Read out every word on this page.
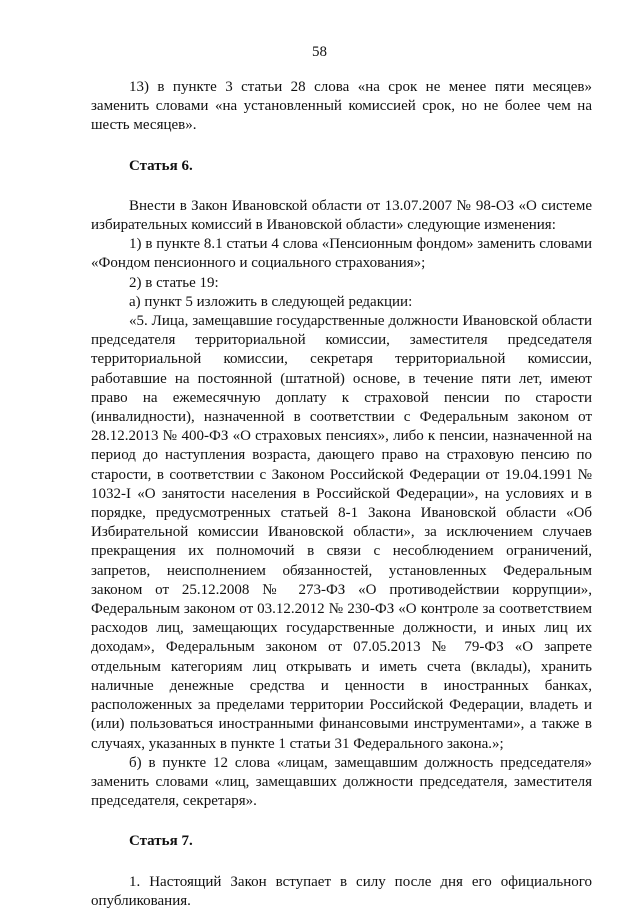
58

13) в пункте 3 статьи 28 слова «на срок не менее пяти месяцев» заменить словами «на установленный комиссией срок, но не более чем на шесть месяцев».

Статья 6.

Внести в Закон Ивановской области от 13.07.2007 № 98-ОЗ «О системе избирательных комиссий в Ивановской области» следующие изменения:

1) в пункте 8.1 статьи 4 слова «Пенсионным фондом» заменить словами «Фондом пенсионного и социального страхования»;

2) в статье 19:

а) пункт 5 изложить в следующей редакции:

«5. Лица, замещавшие государственные должности Ивановской области председателя территориальной комиссии, заместителя председателя территориальной комиссии, секретаря территориальной комиссии, работавшие на постоянной (штатной) основе, в течение пяти лет, имеют право на ежемесячную доплату к страховой пенсии по старости (инвалидности), назначенной в соответствии с Федеральным законом от 28.12.2013 № 400-ФЗ «О страховых пенсиях», либо к пенсии, назначенной на период до наступления возраста, дающего право на страховую пенсию по старости, в соответствии с Законом Российской Федерации от 19.04.1991 № 1032-I «О занятости населения в Российской Федерации», на условиях и в порядке, предусмотренных статьей 8-1 Закона Ивановской области «Об Избирательной комиссии Ивановской области», за исключением случаев прекращения их полномочий в связи с несоблюдением ограничений, запретов, неисполнением обязанностей, установленных Федеральным законом от 25.12.2008 № 273-ФЗ «О противодействии коррупции», Федеральным законом от 03.12.2012 № 230-ФЗ «О контроле за соответствием расходов лиц, замещающих государственные должности, и иных лиц их доходам», Федеральным законом от 07.05.2013 № 79-ФЗ «О запрете отдельным категориям лиц открывать и иметь счета (вклады), хранить наличные денежные средства и ценности в иностранных банках, расположенных за пределами территории Российской Федерации, владеть и (или) пользоваться иностранными финансовыми инструментами», а также в случаях, указанных в пункте 1 статьи 31 Федерального закона.»;

б) в пункте 12 слова «лицам, замещавшим должность председателя» заменить словами «лиц, замещавших должности председателя, заместителя председателя, секретаря».

Статья 7.

1. Настоящий Закон вступает в силу после дня его официального опубликования.
